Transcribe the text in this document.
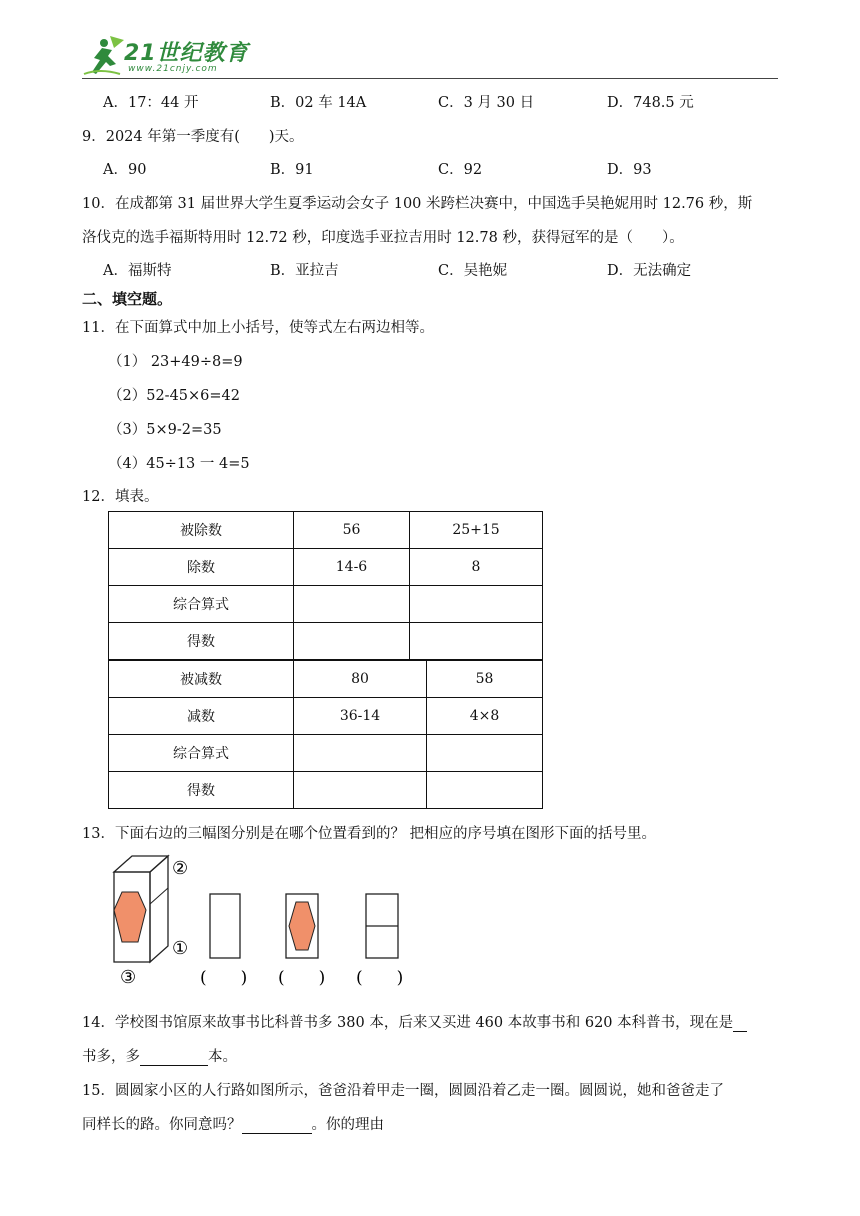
21世纪教育
www.21cnjy.com
A．17：44 开	B．02 车 14A	C．3 月 30 日	D．748.5 元
9．2024 年第一季度有(　　)天。
A．90	B．91	C．92	D．93
10．在成都第 31 届世界大学生夏季运动会女子 100 米跨栏决赛中，中国选手吴艳妮用时 12.76 秒，斯
洛伐克的选手福斯特用时 12.72 秒，印度选手亚拉吉用时 12.78 秒，获得冠军的是（　　）。
A．福斯特	B．亚拉吉	C．吴艳妮	D．无法确定
二、填空题。
11．在下面算式中加上小括号，使等式左右两边相等。
（1） 23+49÷8=9
（2）52-45×6=42
（3）5×9-2=35
（4）45÷13 一 4=5
12．填表。
被除数	56	25+15
除数	14-6	8
综合算式		
得数		
被减数	80	58
减数	36-14	4×8
综合算式		
得数		
13．下面右边的三幅图分别是在哪个位置看到的？ 把相应的序号填在图形下面的括号里。
②
①
③	(　　) (　　) (　　)
14．学校图书馆原来故事书比科普书多 380 本，后来又买进 460 本故事书和 620 本科普书，现在是
书多，多	本。
15．圆圆家小区的人行路如图所示，爸爸沿着甲走一圈，圆圆沿着乙走一圈。圆圆说，她和爸爸走了
同样长的路。你同意吗？	。你的理由
